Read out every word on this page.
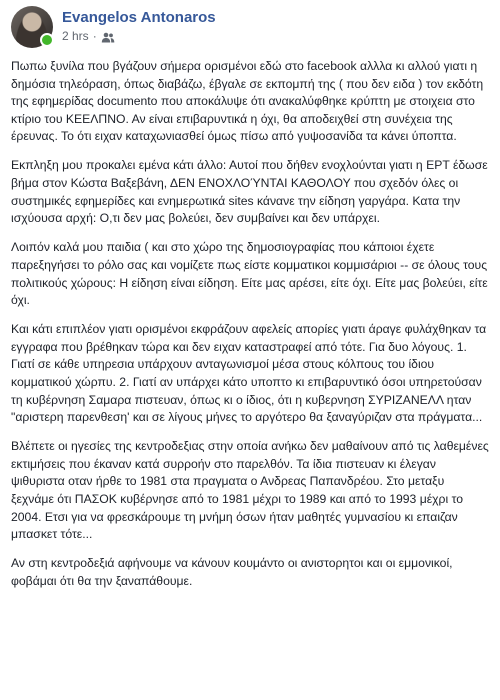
Evangelos Antonaros
2 hrs ·

Πωπω ξυνίλα που βγάζουν σήμερα ορισμένοι εδώ στο facebook αλλλα κι αλλού γιατι η δημόσια τηλεόραση, όπως διαβάζω, έβγαλε σε εκπομπή της ( που δεν ειδα ) τον εκδότη της εφημερίδας documento που αποκάλυψε ότι ανακαλύφθηκε κρύπτη με στοιχεια στο κτίριο του ΚΕΕΛΠΝΟ. Αν είναι επιβαρυντικά η όχι, θα αποδειχθεί στη συνέχεια της έρευνας. Το ότι ειχαν καταχωνιασθεί όμως πίσω από γυψοσανίδα τα κάνει ύποπτα.

Εκπληξη μου προκαλει εμένα κάτι άλλο: Αυτοί που δήθεν ενοχλούνται γιατι η ΕΡΤ έδωσε βήμα στον Κώστα Βαξεβάνη, ΔΕΝ ΕΝΟΧΛΟΎΝΤΑΙ ΚΑΘΟΛΟΥ που σχεδόν όλες οι συστημικές εφημερίδες και ενημερωτικά sites κάνανε την είδηση γαργάρα. Κατα την ισχύουσα αρχή: Ο,τι δεν μας βολεύει, δεν συμβαίνει και δεν υπάρχει.

Λοιπόν καλά μου παιδια ( και στο χώρο της δημοσιογραφίας που κάποιοι έχετε παρεξηγήσει το ρόλο σας και νομίζετε πως είστε κομματικοι κομμισάριοι -- σε όλους τους πολιτικούς χώρους: Η είδηση είναι είδηση. Είτε μας αρέσει, είτε όχι. Είτε μας βολεύει, είτε όχι.

Και κάτι επιπλέον γιατι ορισμένοι εκφράζουν αφελείς απορίες γιατι άραγε φυλάχθηκαν τα εγγραφα που βρέθηκαν τώρα και δεν ειχαν καταστραφεί από τότε. Για δυο λόγους. 1. Γιατί σε κάθε υπηρεσια υπάρχουν ανταγωνισμοί μέσα στους κόλπους του ίδιου κομματικού χώρπυ. 2. Γιατί αν υπάρχει κάτο υποπτο κι επιβαρυντικό όσοι υπηρετούσαν τη κυβέρνηση Σαμαρα πιστευαν, όπως κι ο ίδιος, ότι η κυβερνηση ΣΥΡΙΖΑΝΕΛΛ ηταν "αριστερη παρενθεση' και σε λίγους μήνες το αργότερο θα ξαναγύριζαν στα πράγματα...

Βλέπετε οι ηγεσίες της κεντροδεξιας στην οποία ανήκω δεν μαθαίνουν από τις λαθεμένες εκτιμήσεις που έκαναν κατά συρροήν στο παρελθόν. Τα ίδια πιστευαν κι έλεγαν ψιθυριστα οταν ήρθε το 1981 στα πραγματα ο Ανδρεας Παπανδρέου. Στο μεταξυ ξεχνάμε ότι ΠΑΣΟΚ κυβέρνησε από το 1981 μέχρι το 1989 και από το 1993 μέχρι το 2004. Ετσι για να φρεσκάρουμε τη μνήμη όσων ήταν μαθητές γυμνασίου κι επαιζαν μπασκετ τότε...

Αν στη κεντροδεξιά αφήνουμε να κάνουν κουμάντο οι ανιστορητοι και οι εμμονικοί, φοβάμαι ότι θα την ξαναπάθουμε.
